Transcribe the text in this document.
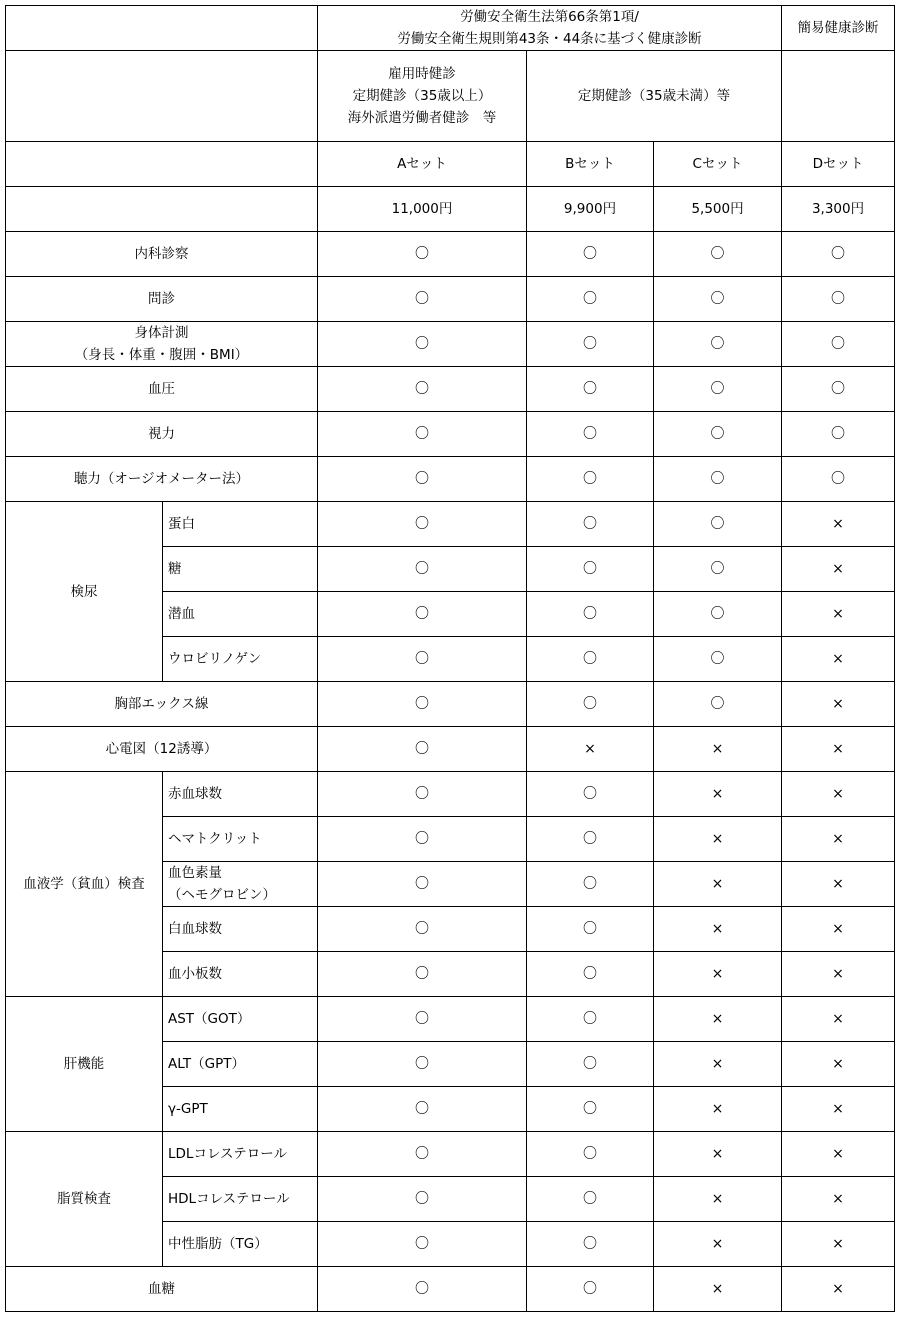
		労働安全衛生法第66条第1項/
労働安全衛生規則第43条・44条に基づく健康診断			簡易健康診断

		雇用時健診
定期健診（35歳以上）
海外派遣労働者健診　等	定期健診（35歳未満）等		
		Aセット	Bセット	Cセット	Dセット
		11,000円	9,900円	5,500円	3,300円
内科診察		〇	〇	〇	〇
問診		〇	〇	〇	〇

身体計測
（身長・体重・腹囲・BMI）		〇	〇	〇	〇
血圧		〇	〇	〇	〇
視力		〇	〇	〇	〇
聴力（オージオメーター法）		〇	〇	〇	〇
検尿	蛋白	〇	〇	〇	×
	糖	〇	〇	〇	×
	潜血	〇	〇	〇	×
	ウロビリノゲン	〇	〇	〇	×
胸部エックス線		〇	〇	〇	×
心電図（12誘導）		〇	×	×	×
血液学（貧血）検査	赤血球数	〇	〇	×	×
	ヘマトクリット	〇	〇	×	×

	血色素量
（ヘモグロビン）	〇	〇	×	×
	白血球数	〇	〇	×	×
	血小板数	〇	〇	×	×
肝機能	AST（GOT）	〇	〇	×	×
	ALT（GPT）	〇	〇	×	×
	γ-GPT	〇	〇	×	×
脂質検査	LDLコレステロール	〇	〇	×	×
	HDLコレステロール	〇	〇	×	×
	中性脂肪（TG）	〇	〇	×	×
血糖		〇	〇	×	×
